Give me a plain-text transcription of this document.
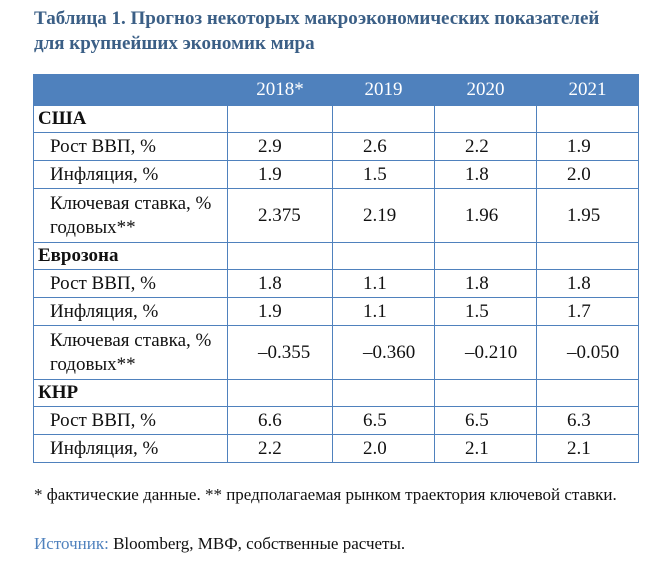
Таблица 1. Прогноз некоторых макроэкономических показателей для крупнейших экономик мира
	2018*	2019	2020	2021
США				
Рост ВВП, %	2.9	2.6	2.2	1.9
Инфляция, %	1.9	1.5	1.8	2.0
Ключевая ставка, % годовых**	2.375	2.19	1.96	1.95
Еврозона				
Рост ВВП, %	1.8	1.1	1.8	1.8
Инфляция, %	1.9	1.1	1.5	1.7
Ключевая ставка, % годовых**	–0.355	–0.360	–0.210	–0.050
КНР				
Рост ВВП, %	6.6	6.5	6.5	6.3
Инфляция, %	2.2	2.0	2.1	2.1
* фактические данные. ** предполагаемая рынком траектория ключевой ставки.
Источник: Bloomberg, МВФ, собственные расчеты.
